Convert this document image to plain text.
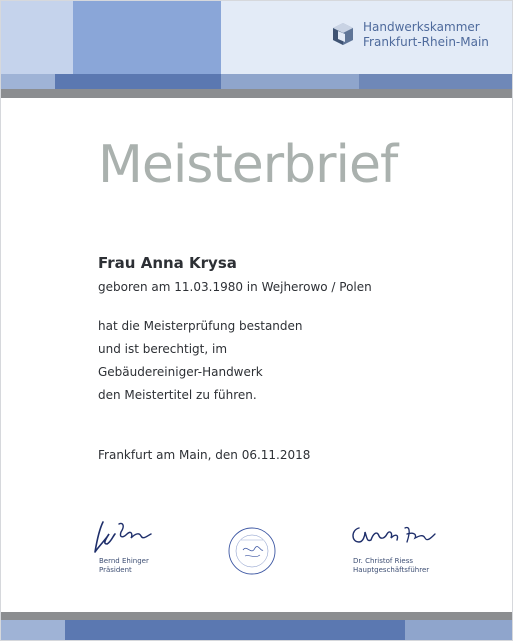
Handwerkskammer
Frankfurt-Rhein-Main
Meisterbrief
Frau Anna Krysa
geboren am 11.03.1980 in Wejherowo / Polen
hat die Meisterprüfung bestanden
und ist berechtigt, im
Gebäudereiniger-Handwerk
den Meistertitel zu führen.
Frankfurt am Main, den 06.11.2018
Bernd Ehinger
Präsident
Dr. Christof Riess
Hauptgeschäftsführer
